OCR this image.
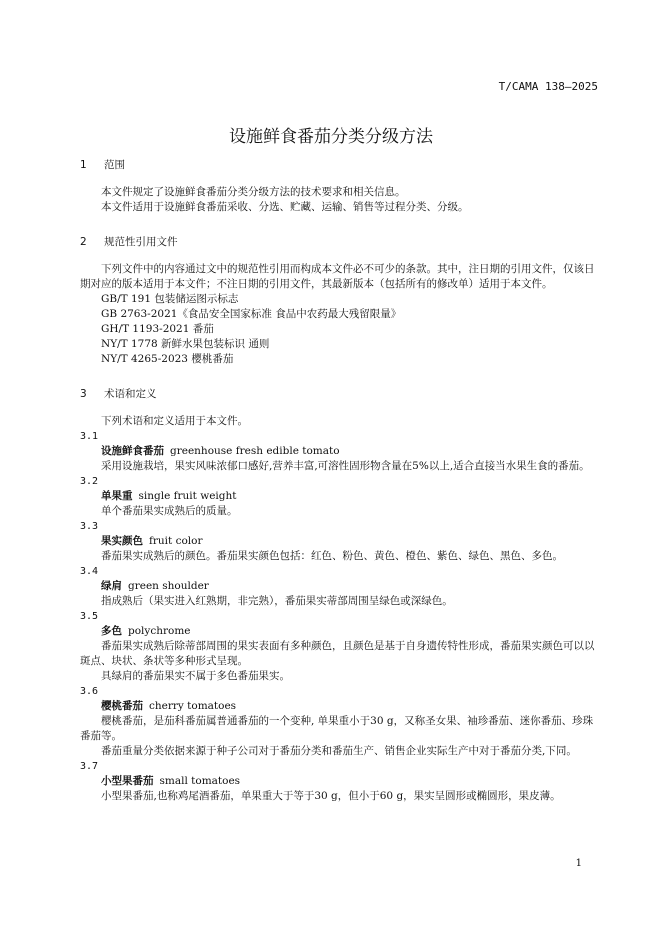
T/CAMA 138—2025
设施鲜食番茄分类分级方法
1 范围

本文件规定了设施鲜食番茄分类分级方法的技术要求和相关信息。

本文件适用于设施鲜食番茄采收、分选、贮藏、运输、销售等过程分类、分级。

2 规范性引用文件

下列文件中的内容通过文中的规范性引用而构成本文件必不可少的条款。其中，注日期的引用文件，仅该日期对应的版本适用于本文件；不注日期的引用文件，其最新版本（包括所有的修改单）适用于本文件。

GB/T 191 包装储运图示标志

GB 2763-2021《食品安全国家标准 食品中农药最大残留限量》

GH/T 1193-2021 番茄

NY/T 1778 新鲜水果包装标识 通则

NY/T 4265-2023 樱桃番茄

3 术语和定义

下列术语和定义适用于本文件。

3.1

设施鲜食番茄 greenhouse fresh edible tomato

采用设施栽培，果实风味浓郁口感好,营养丰富,可溶性固形物含量在5%以上,适合直接当水果生食的番茄。

3.2

单果重 single fruit weight

单个番茄果实成熟后的质量。

3.3

果实颜色 fruit color

番茄果实成熟后的颜色。番茄果实颜色包括：红色、粉色、黄色、橙色、紫色、绿色、黑色、多色。

3.4

绿肩 green shoulder

指成熟后（果实进入红熟期，非完熟），番茄果实蒂部周围呈绿色或深绿色。

3.5

多色 polychrome

番茄果实成熟后除蒂部周围的果实表面有多种颜色，且颜色是基于自身遗传特性形成，番茄果实颜色可以以斑点、块状、条状等多种形式呈现。

具绿肩的番茄果实不属于多色番茄果实。

3.6

樱桃番茄 cherry tomatoes

樱桃番茄，是茄科番茄属普通番茄的一个变种, 单果重小于30 g，又称圣女果、袖珍番茄、迷你番茄、珍珠番茄等。

番茄重量分类依据来源于种子公司对于番茄分类和番茄生产、销售企业实际生产中对于番茄分类,下同。

3.7

小型果番茄 small tomatoes

小型果番茄,也称鸡尾酒番茄，单果重大于等于30 g，但小于60 g，果实呈圆形或椭圆形，果皮薄。

1
